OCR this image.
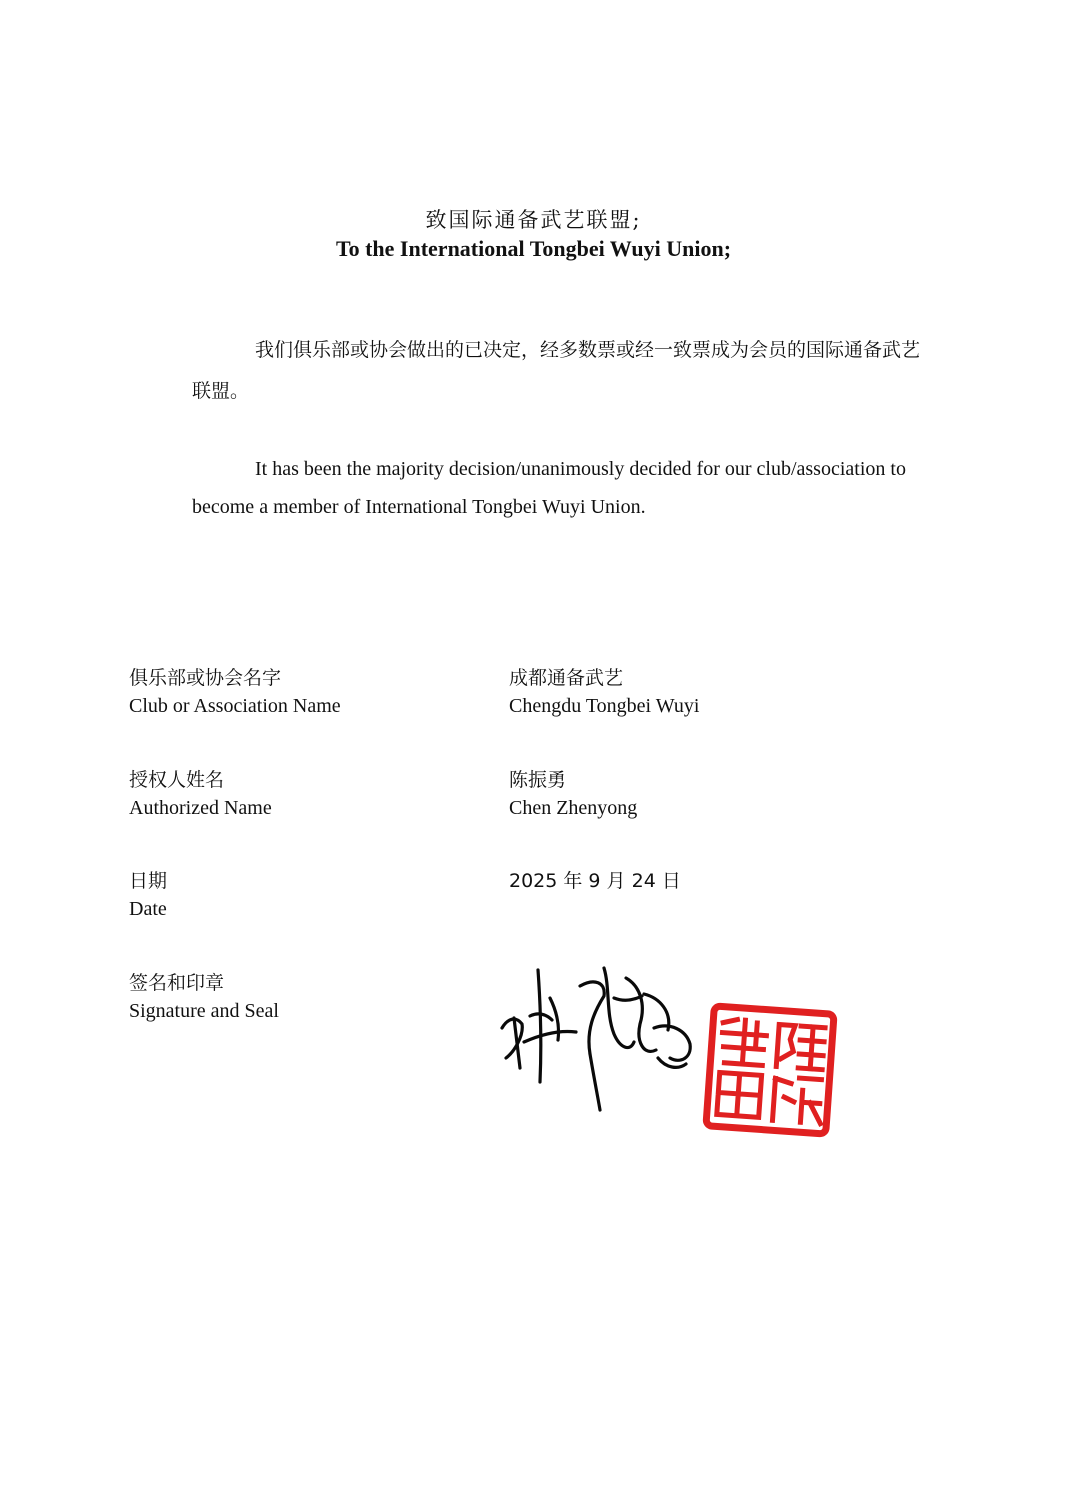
致国际通备武艺联盟;
To the International Tongbei Wuyi Union;
我们俱乐部或协会做出的已决定，经多数票或经一致票成为会员的国际通备武艺联盟。
It has been the majority decision/unanimously decided for our club/association to become a member of International Tongbei Wuyi Union.
俱乐部或协会名字
Club or Association Name
成都通备武艺
Chengdu Tongbei Wuyi
授权人姓名
Authorized Name
陈振勇
Chen Zhenyong
日期
Date
2025 年 9 月 24 日
签名和印章
Signature and Seal
